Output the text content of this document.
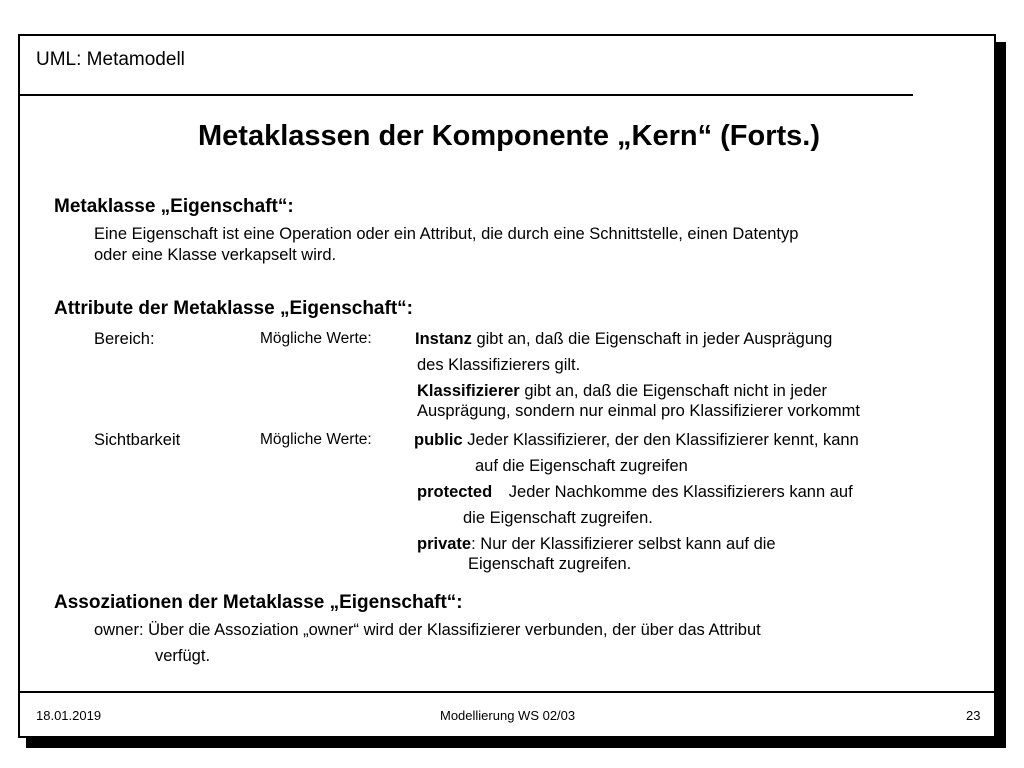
UML: Metamodell
Metaklassen der Komponente „Kern“ (Forts.)
Metaklasse „Eigenschaft“:
Eine Eigenschaft ist eine Operation oder ein Attribut, die durch eine Schnittstelle, einen Datentyp
oder eine Klasse verkapselt wird.
Attribute der Metaklasse „Eigenschaft“:
Bereich:	Mögliche Werte:	Instanz gibt an, daß die Eigenschaft in jeder Ausprägung
des Klassifizierers gilt.
Klassifizierer gibt an, daß die Eigenschaft nicht in jeder
Ausprägung, sondern nur einmal pro Klassifizierer vorkommt
Sichtbarkeit	Mögliche Werte:	public Jeder Klassifizierer, der den Klassifizierer kennt, kann
auf die Eigenschaft zugreifen
protected Jeder Nachkomme des Klassifizierers kann auf
die Eigenschaft zugreifen.
private: Nur der Klassifizierer selbst kann auf die
Eigenschaft zugreifen.
Assoziationen der Metaklasse „Eigenschaft“:
owner: Über die Assoziation „owner“ wird der Klassifizierer verbunden, der über das Attribut
verfügt.
18.01.2019	Modellierung WS 02/03	23
